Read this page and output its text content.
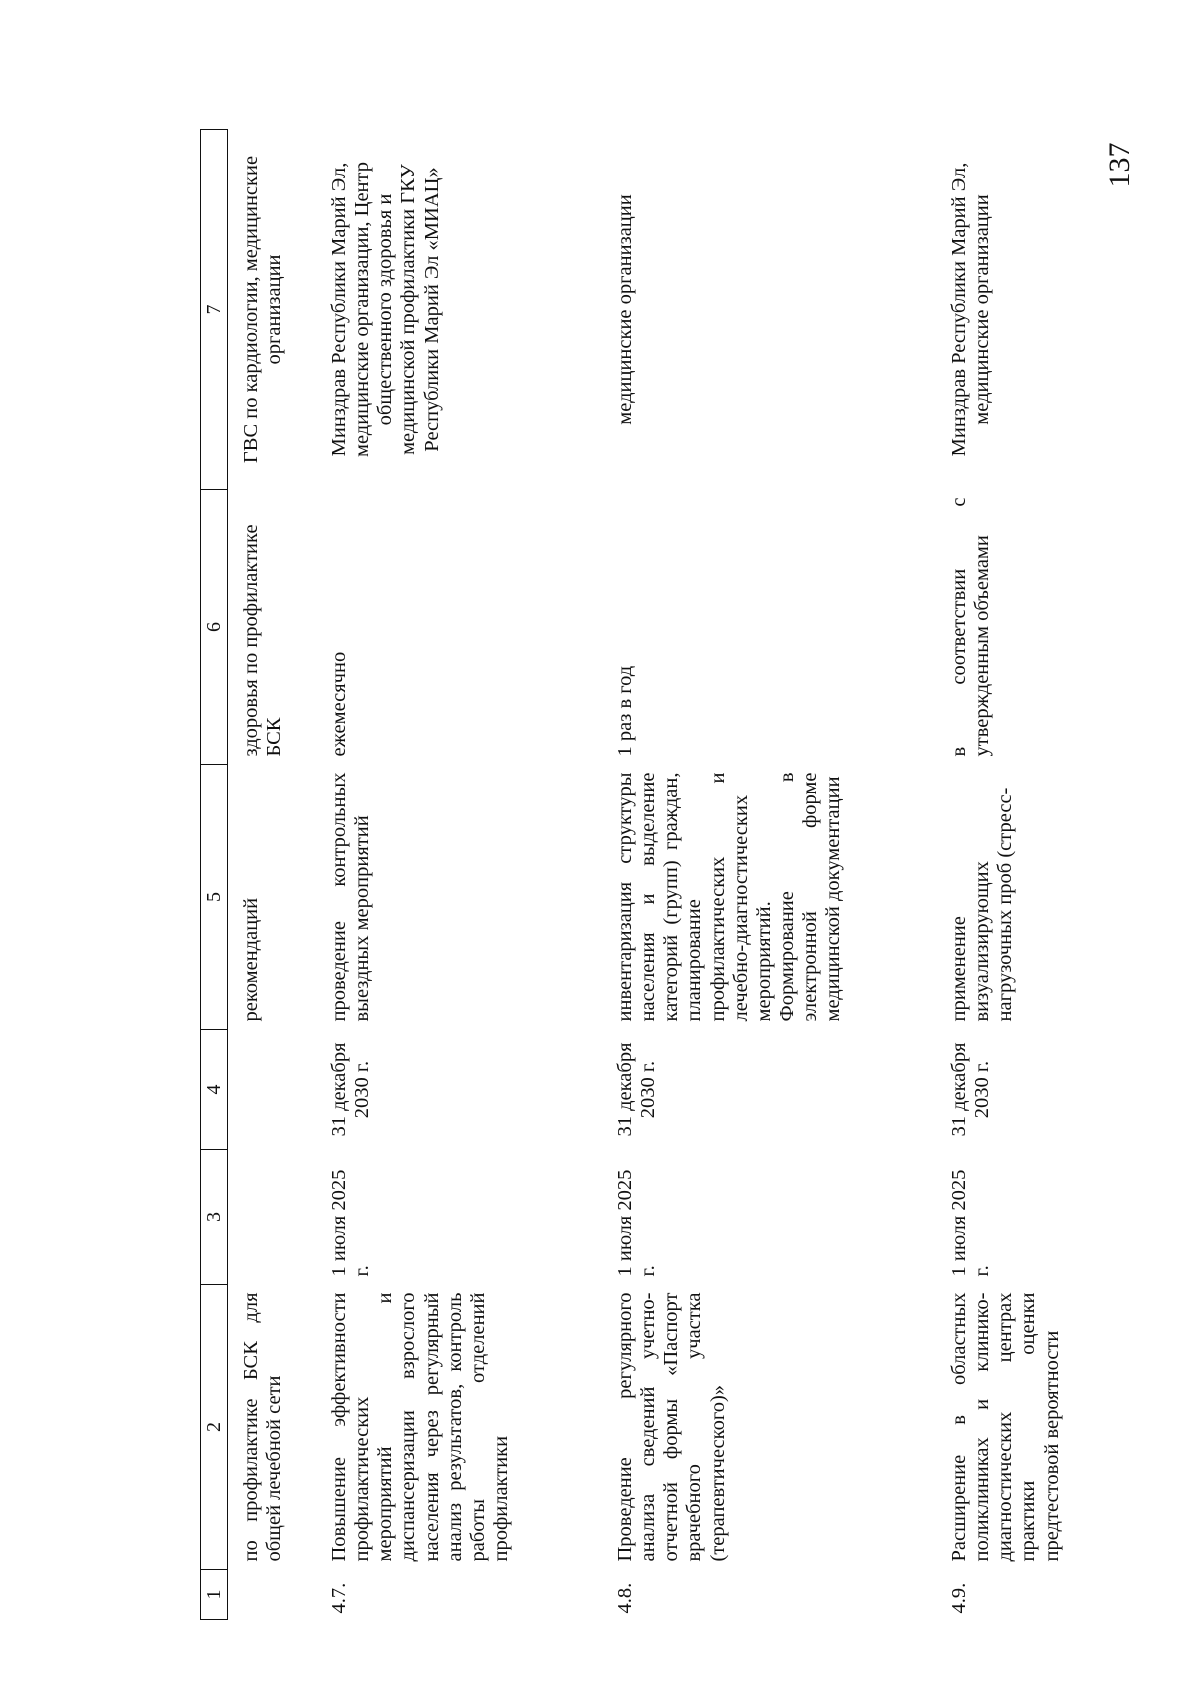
137
1	2	3	4	5	6	7
	по профилактике БСК для общей лечебной сети			рекомендаций	здоровья по профилактике БСК	ГВС по кардиологии, медицинские организации
4.7.	Повышение эффективности профилактических мероприятий и диспансеризации взрослого населения через регулярный анализ результатов, контроль работы отделений профилактики	1 июля 2025 г.	31 декабря 2030 г.	проведение контрольных выездных мероприятий	ежемесячно	Минздрав Республики Марий Эл, медицинские организации, Центр общественного здоровья и медицинской профилактики ГКУ Республики Марий Эл «МИАЦ»
4.8.	Проведение регулярного анализа сведений учетно-отчетной формы «Паспорт врачебного участка (терапевтического)»	1 июля 2025 г.	31 декабря 2030 г.	инвентаризация структуры населения и выделение категорий (групп) граждан, планирование профилактических и лечебно-диагностических мероприятий. Формирование в электронной форме медицинской документации	1 раз в год	медицинские организации
4.9.	Расширение в областных поликлиниках и клинико-диагностических центрах практики оценки предтестовой вероятности	1 июля 2025 г.	31 декабря 2030 г.	применение визуализирующих нагрузочных проб (стресс-	в соответствии с утвержденным объемами	Минздрав Республики Марий Эл, медицинские организации
